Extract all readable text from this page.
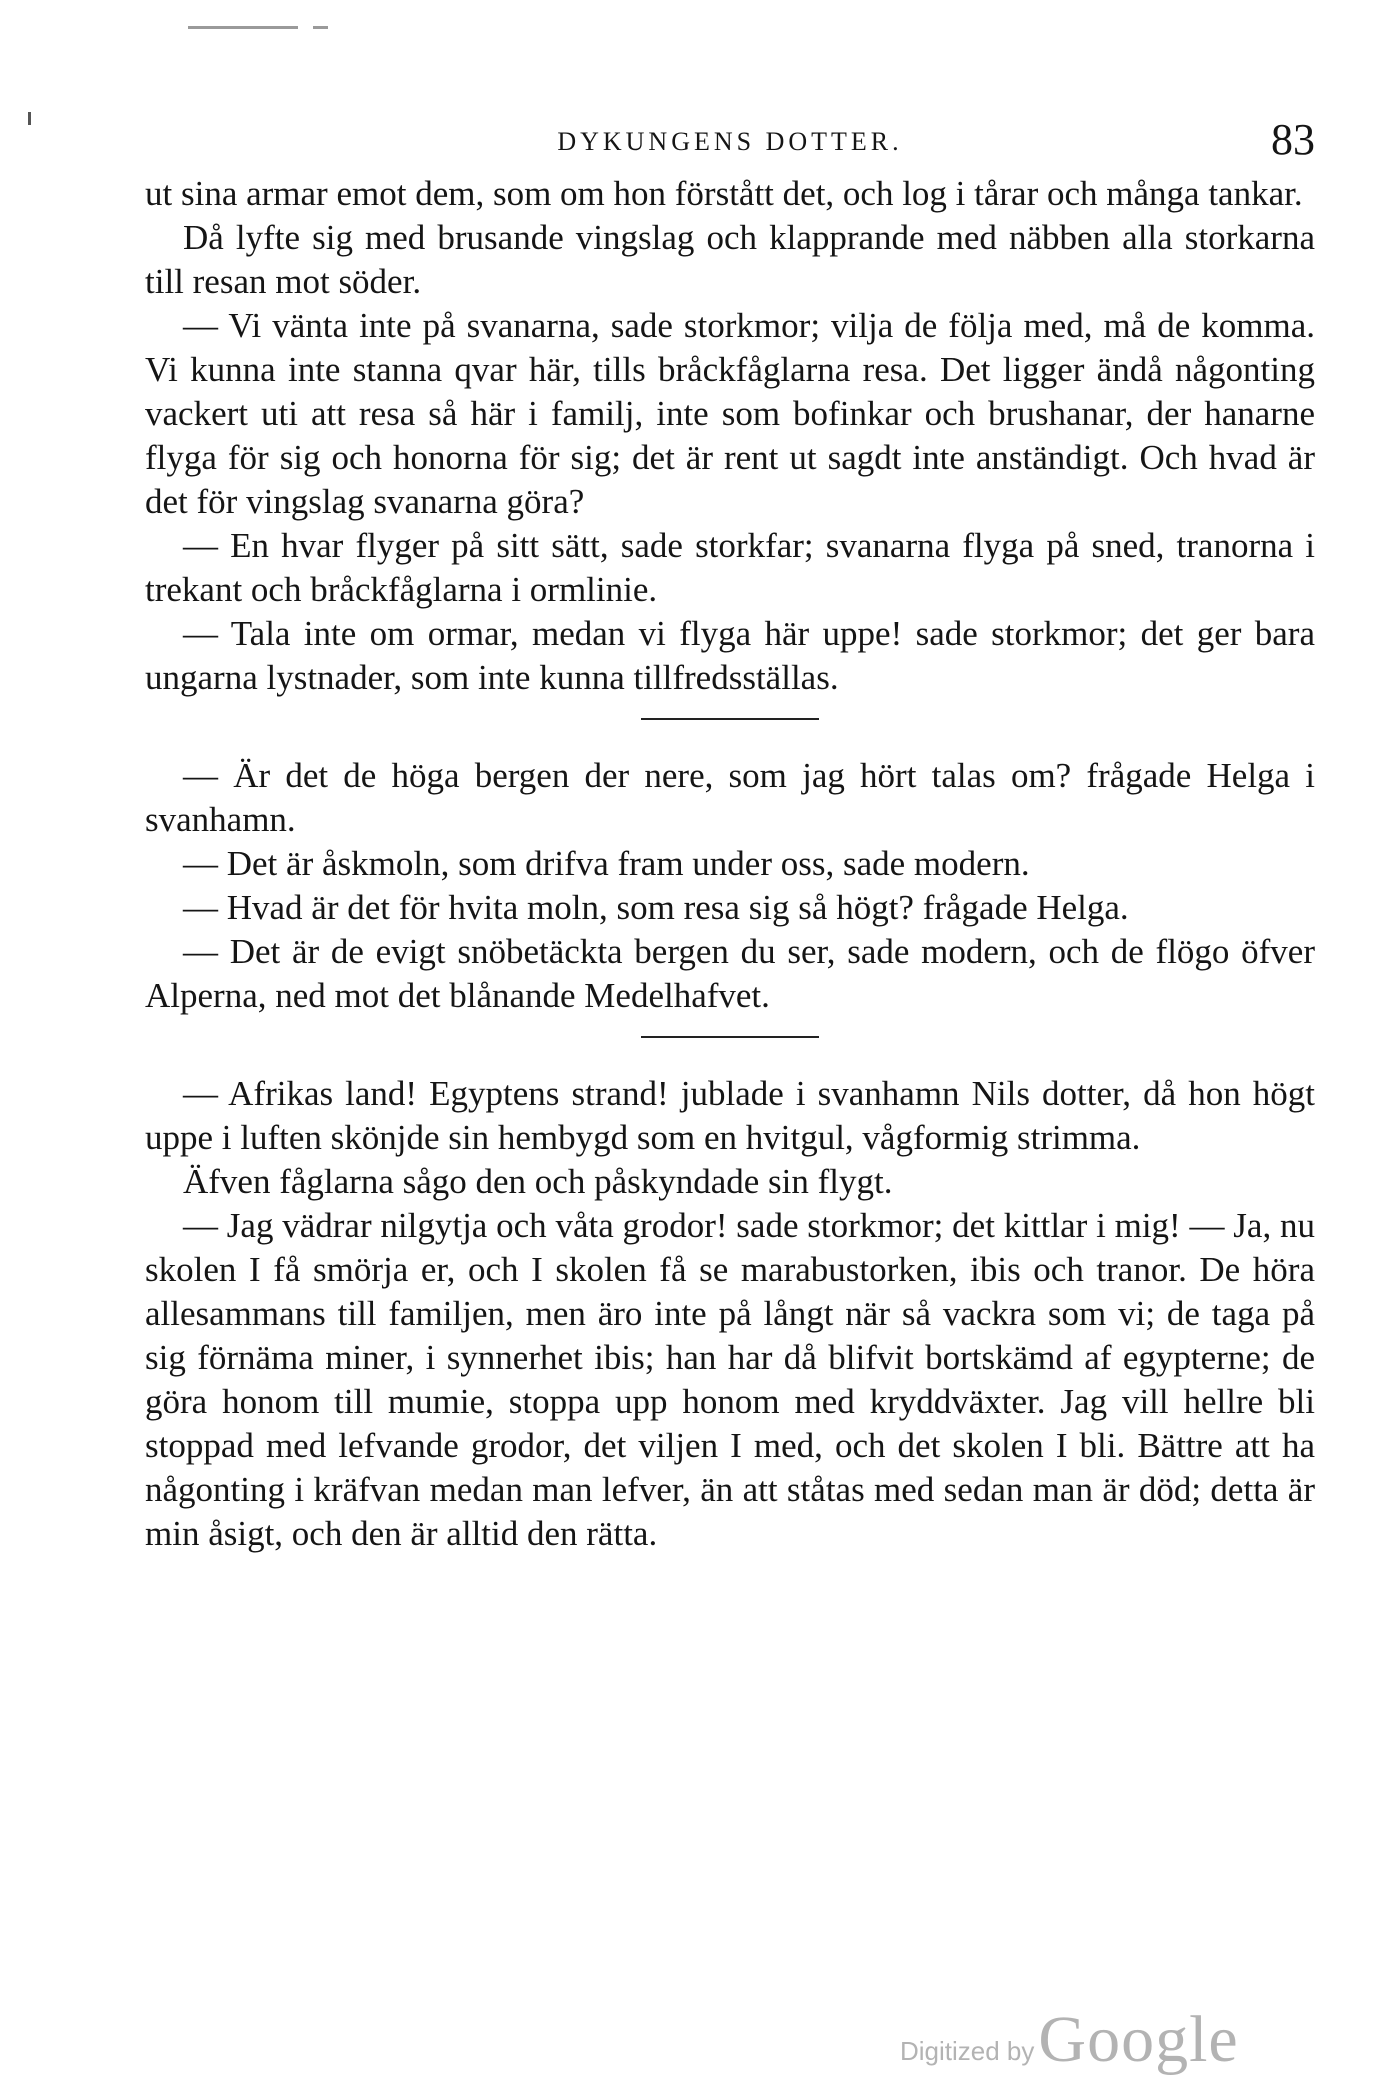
DYKUNGENS DOTTER.	83

ut sina armar emot dem, som om hon förstått det, och log i tårar och många tankar.

Då lyfte sig med brusande vingslag och klapprande med näbben alla storkarna till resan mot söder.

— Vi vänta inte på svanarna, sade storkmor; vilja de följa med, må de komma. Vi kunna inte stanna qvar här, tills bråckfåglarna resa. Det ligger ändå någonting vackert uti att resa så här i familj, inte som bofinkar och brushanar, der hanarne flyga för sig och honorna för sig; det är rent ut sagdt inte anständigt. Och hvad är det för vingslag svanarna göra?

— En hvar flyger på sitt sätt, sade storkfar; svanarna flyga på sned, tranorna i trekant och bråckfåglarna i ormlinie.

— Tala inte om ormar, medan vi flyga här uppe! sade storkmor; det ger bara ungarna lystnader, som inte kunna tillfredsställas.

— Är det de höga bergen der nere, som jag hört talas om? frågade Helga i svanhamn.

— Det är åskmoln, som drifva fram under oss, sade modern.

— Hvad är det för hvita moln, som resa sig så högt? frågade Helga.

— Det är de evigt snöbetäckta bergen du ser, sade modern, och de flögo öfver Alperna, ned mot det blånande Medelhafvet.

— Afrikas land! Egyptens strand! jublade i svanhamn Nils dotter, då hon högt uppe i luften skönjde sin hembygd som en hvitgul, vågformig strimma.

Äfven fåglarna sågo den och påskyndade sin flygt.

— Jag vädrar nilgytja och våta grodor! sade storkmor; det kittlar i mig! — Ja, nu skolen I få smörja er, och I skolen få se marabustorken, ibis och tranor. De höra allesammans till familjen, men äro inte på långt när så vackra som vi; de taga på sig förnäma miner, i synnerhet ibis; han har då blifvit bortskämd af egypterne; de göra honom till mumie, stoppa upp honom med kryddväxter. Jag vill hellre bli stoppad med lefvande grodor, det viljen I med, och det skolen I bli. Bättre att ha någonting i kräfvan medan man lefver, än att ståtas med sedan man är död; detta är min åsigt, och den är alltid den rätta.

Digitized by Google
